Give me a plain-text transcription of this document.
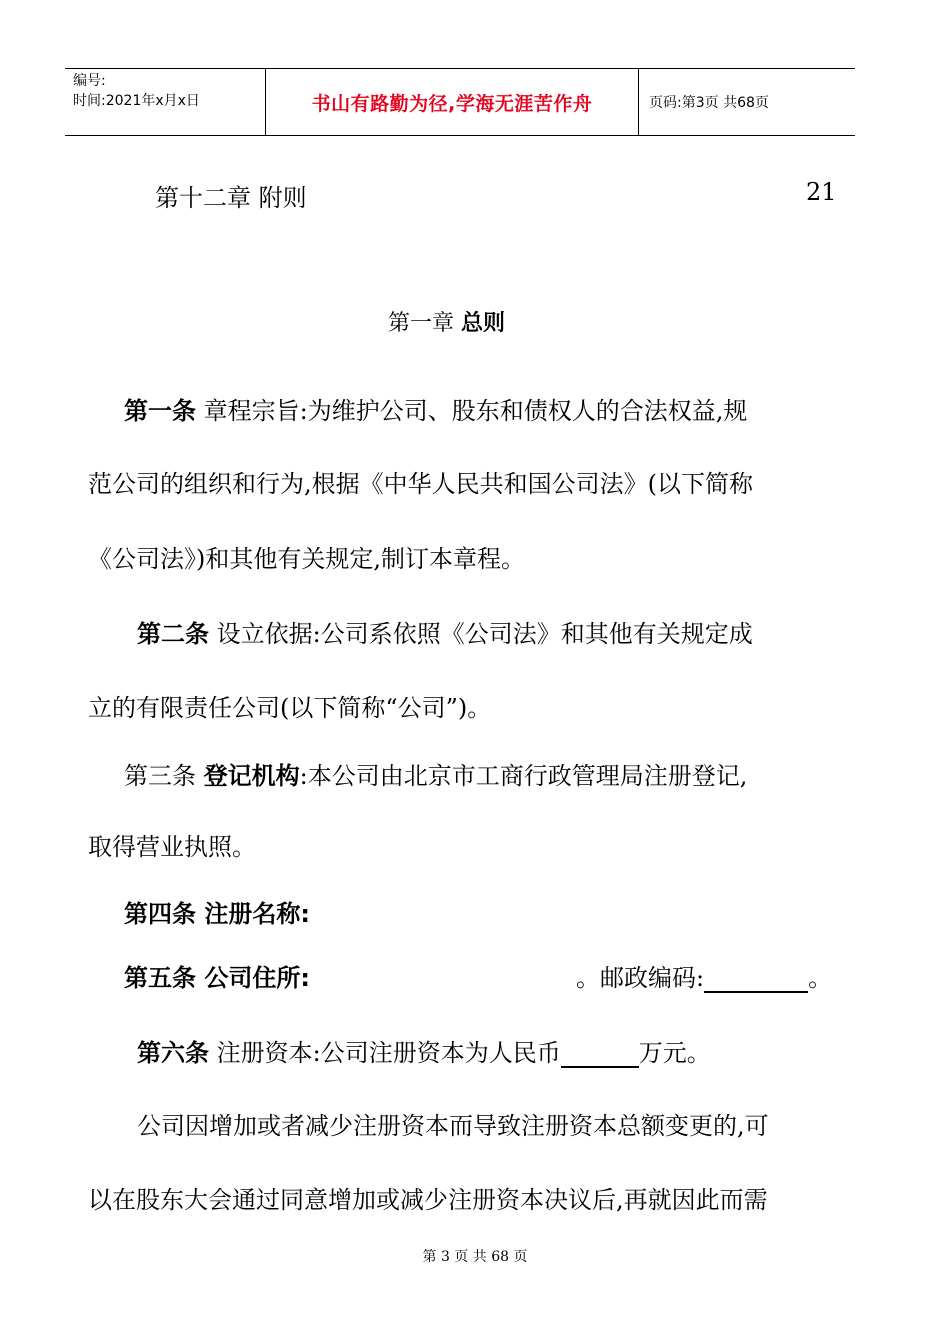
编号:
时间:2021年x月x日	书山有路勤为径,学海无涯苦作舟	页码:第3页 共68页
第十二章 附则	21
第一章 总则
第一条 章程宗旨:为维护公司、股东和债权人的合法权益,规
范公司的组织和行为,根据《中华人民共和国公司法》(以下简称
《公司法》)和其他有关规定,制订本章程。
第二条 设立依据:公司系依照《公司法》和其他有关规定成
立的有限责任公司(以下简称“公司”)。
第三条 登记机构:本公司由北京市工商行政管理局注册登记,
取得营业执照。
第四条 注册名称:
第五条 公司住所:	。邮政编码:	。
第六条 注册资本:公司注册资本为人民币	万元。
公司因增加或者减少注册资本而导致注册资本总额变更的,可
以在股东大会通过同意增加或减少注册资本决议后,再就因此而需
第 3 页 共 68 页
